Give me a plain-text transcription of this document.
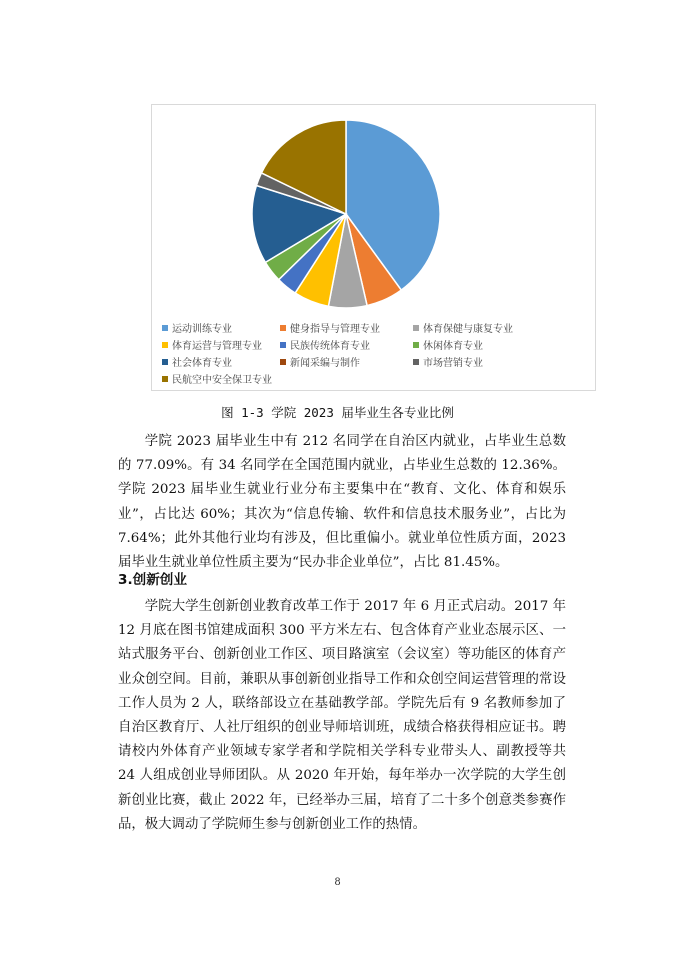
运动训练专业	健身指导与管理专业	体育保健与康复专业
体育运营与管理专业	民族传统体育专业	休闲体育专业
社会体育专业	新闻采编与制作	市场营销专业
民航空中安全保卫专业
图 1-3 学院 2023 届毕业生各专业比例

学院 2023 届毕业生中有 212 名同学在自治区内就业，占毕业生总数的 77.09%。有 34 名同学在全国范围内就业，占毕业生总数的 12.36%。学院 2023 届毕业生就业行业分布主要集中在“教育、文化、体育和娱乐业”，占比达 60%；其次为“信息传输、软件和信息技术服务业”，占比为 7.64%；此外其他行业均有涉及，但比重偏小。就业单位性质方面，2023 届毕业生就业单位性质主要为“民办非企业单位”，占比 81.45%。

3.创新创业

学院大学生创新创业教育改革工作于 2017 年 6 月正式启动。2017 年 12 月底在图书馆建成面积 300 平方米左右、包含体育产业业态展示区、一站式服务平台、创新创业工作区、项目路演室（会议室）等功能区的体育产业众创空间。目前，兼职从事创新创业指导工作和众创空间运营管理的常设工作人员为 2 人，联络部设立在基础教学部。学院先后有 9 名教师参加了自治区教育厅、人社厅组织的创业导师培训班，成绩合格获得相应证书。聘请校内外体育产业领域专家学者和学院相关学科专业带头人、副教授等共 24 人组成创业导师团队。从 2020 年开始，每年举办一次学院的大学生创新创业比赛，截止 2022 年，已经举办三届，培育了二十多个创意类参赛作品，极大调动了学院师生参与创新创业工作的热情。

8
